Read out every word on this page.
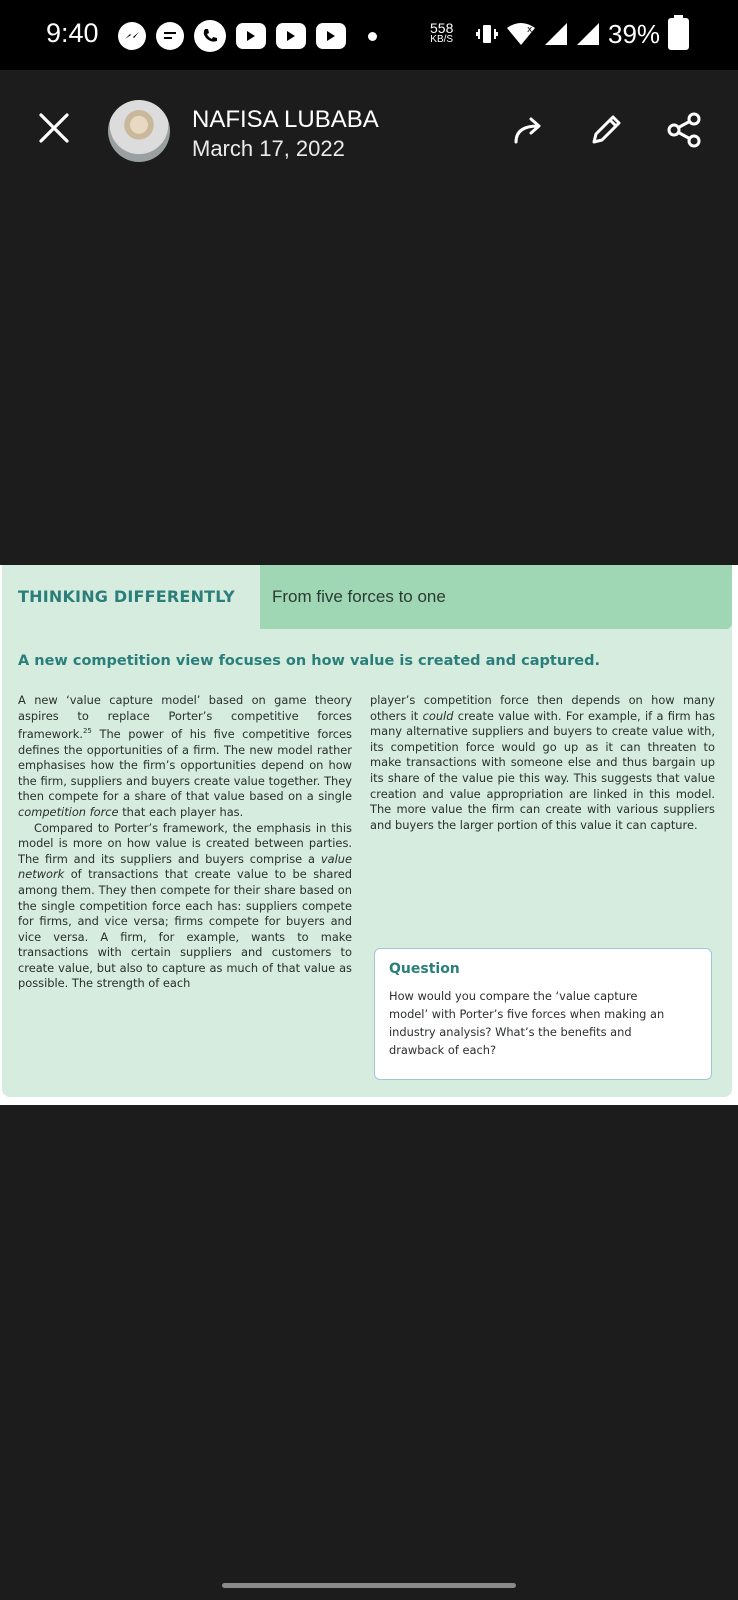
9:40	558
KB/S
x	39%
NAFISA LUBABA
March 17, 2022
THINKING DIFFERENTLY From five forces to one
A new competition view focuses on how value is created and captured.

A new ‘value capture model’ based on game theory aspires to replace Porter’s competitive forces framework.$^{25}$ The power of his five competitive forces defines the opportunities of a firm. The new model rather emphasises how the firm’s opportunities depend on how the firm, suppliers and buyers create value together. They then compete for a share of that value based on a single competition force that each player has.

Compared to Porter’s framework, the emphasis in this model is more on how value is created between parties. The firm and its suppliers and buyers comprise a value network of transactions that create value to be shared among them. They then compete for their share based on the single competition force each has: suppliers compete for firms, and vice versa; firms compete for buyers and vice versa. A firm, for example, wants to make transactions with certain suppliers and customers to create value, but also to capture as much of that value as possible. The strength of each

player’s competition force then depends on how many others it could create value with. For example, if a firm has many alternative suppliers and buyers to create value with, its competition force would go up as it can threaten to make transactions with someone else and thus bargain up its share of the value pie this way. This suggests that value creation and value appropriation are linked in this model. The more value the firm can create with various suppliers and buyers the larger portion of this value it can capture.

Question
How would you compare the ‘value capture model’ with Porter’s five forces when making an industry analysis? What’s the benefits and drawback of each?
